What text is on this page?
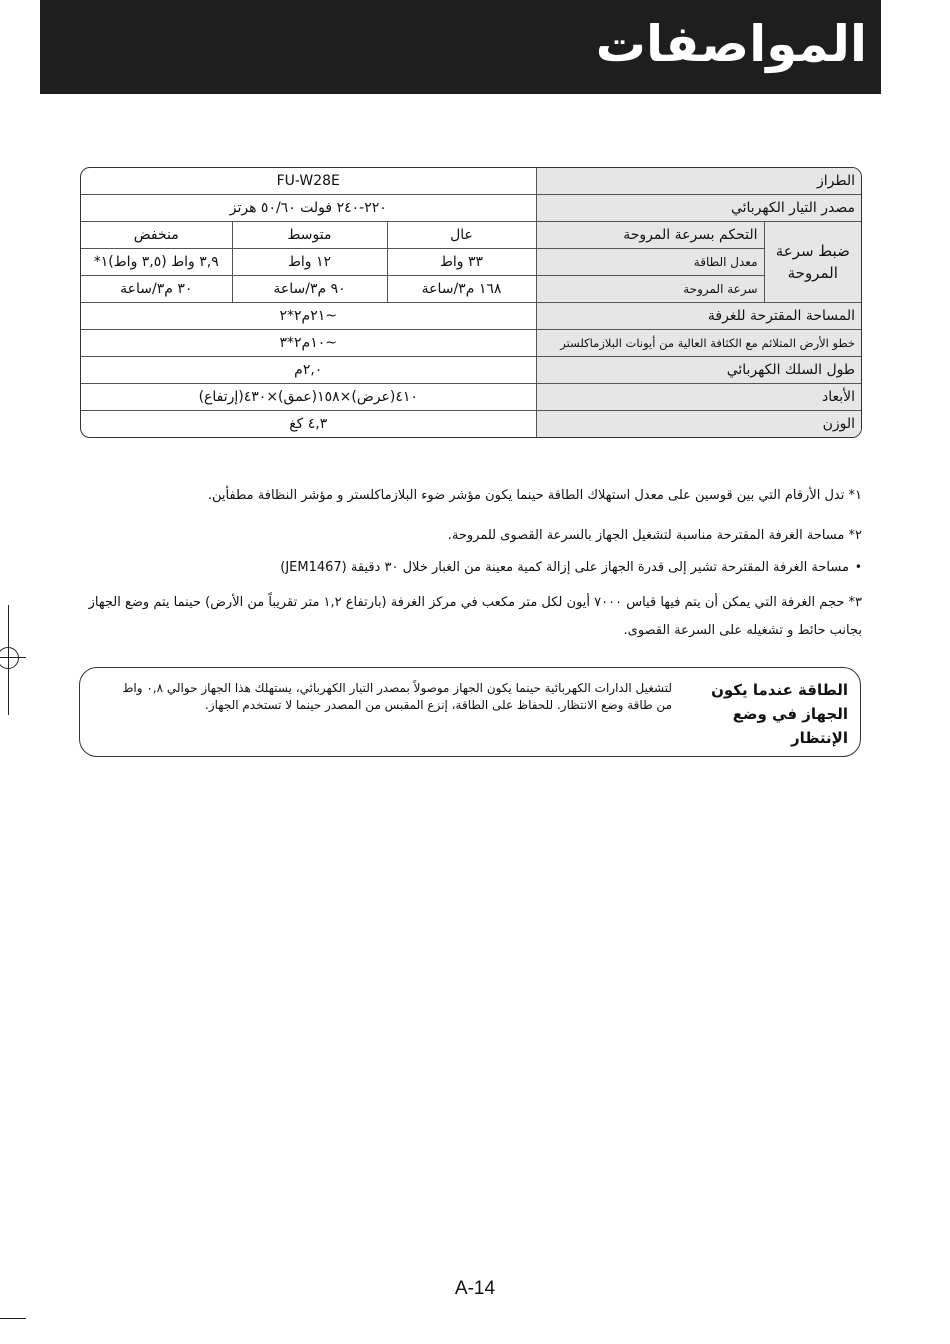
المواصفات
FU-W28E			الطراز	
٢٢٠-٢٤٠ فولت ٥٠/٦٠ هرتز			مصدر التيار الكهربائي	
منخفض	متوسط	عال	التحكم بسرعة المروحة	ضبط سرعة المروحة
٣,٩ واط (٣,٥ واط)١*	١٢ واط	٣٣ واط	معدل الطاقة	
٣٠ م٣/ساعة	٩٠ م٣/ساعة	١٦٨ م٣/ساعة	سرعة المروحة	
~٢١م٢*٢			المساحة المقترحة للغرفة	
~١٠م٢*٣			خطو الأرض المتلائم مع الكثافة العالية من أيونات البلازماكلستر	
٢,٠م			طول السلك الكهربائي	
٤١٠(عرض)×١٥٨(عمق)×٤٣٠(إرتفاع)			الأبعاد	
٤,٣ كغ			الوزن	
١* تدل الأرقام التي بين قوسين على معدل استهلاك الطاقة حينما يكون مؤشر ضوء البلازماكلستر و مؤشر النظافة مطفأين.
٢* مساحة الغرفة المقترحة مناسبة لتشغيل الجهاز بالسرعة القصوى للمروحة.
•مساحة الغرفة المقترحة تشير إلى قدرة الجهاز على إزالة كمية معينة من الغبار خلال ٣٠ دقيقة (JEM1467)
٣* حجم الغرفة التي يمكن أن يتم فيها قياس ٧٠٠٠ أيون لكل متر مكعب في مركز الغرفة (بارتفاع ١,٢ متر تقريباً من الأرض) حينما يتم وضع الجهاز بجانب حائط و تشغيله على السرعة القصوى.
الطاقة عندما يكون الجهاز في وضع الإنتظار
لتشغيل الدارات الكهربائية حينما يكون الجهاز موصولاً بمصدر التيار الكهربائي، يستهلك هذا الجهاز حوالي ٠,٨ واط من طاقة وضع الانتظار. للحفاظ على الطاقة، إنزع المقبس من المصدر حينما لا تستخدم الجهاز.
A-14
